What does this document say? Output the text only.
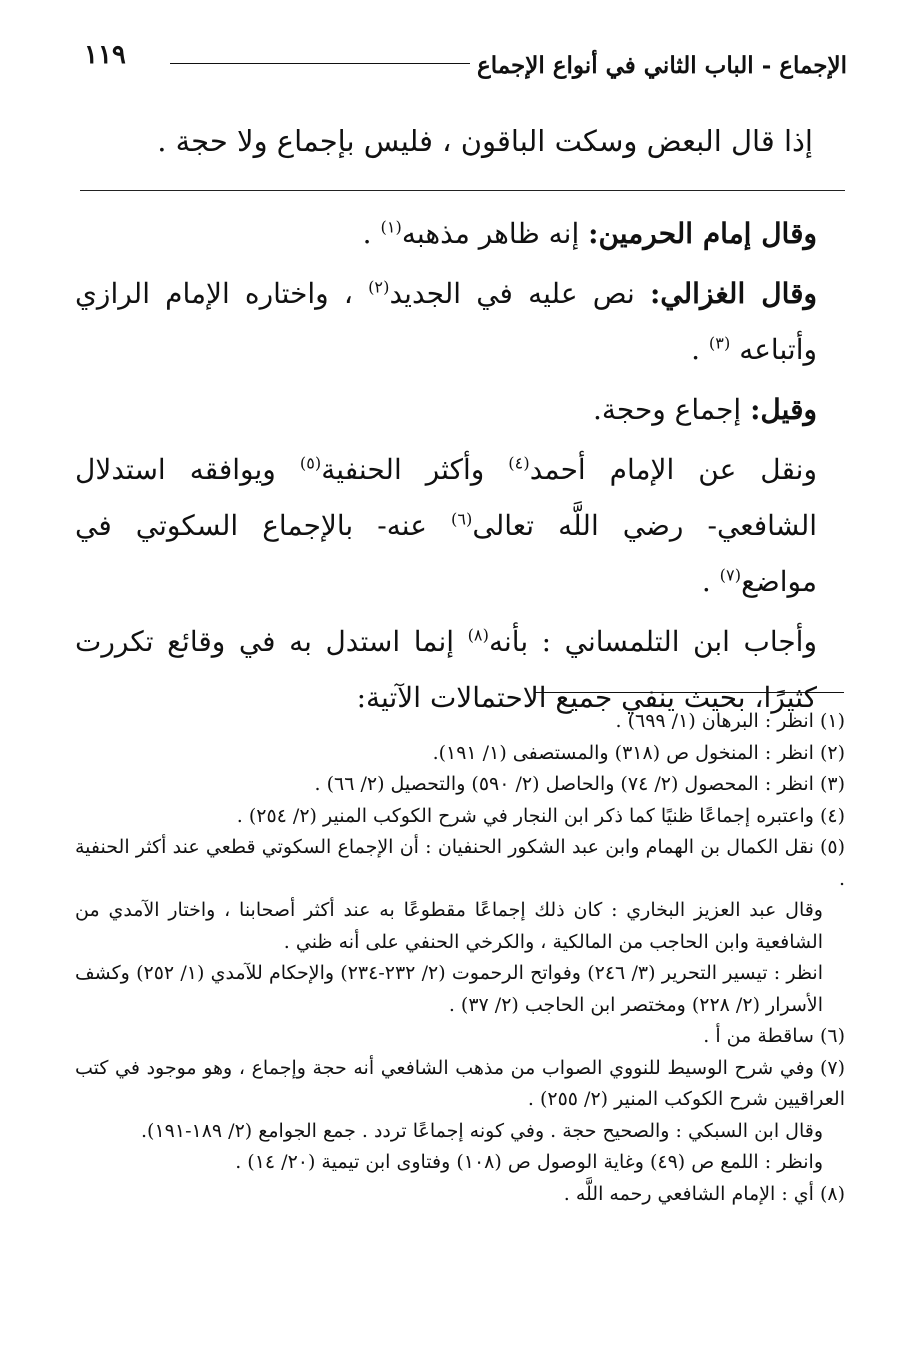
١١٩	الإجماع - الباب الثاني في أنواع الإجماع
إذا قال البعض وسكت الباقون ، فليس بإجماع ولا حجة .

وقال إمام الحرمين: إنه ظاهر مذهبه$^{(١)}$ .

وقال الغزالي: نص عليه في الجديد$^{(٢)}$ ، واختاره الإمام الرازي وأتباعه $^{(٣)}$ .

وقيل: إجماع وحجة.

ونقل عن الإمام أحمد$^{(٤)}$ وأكثر الحنفية$^{(٥)}$ ويوافقه استدلال الشافعي- رضي اللَّه تعالى$^{(٦)}$ عنه- بالإجماع السكوتي في مواضع$^{(٧)}$ .

وأجاب ابن التلمساني : بأنه$^{(٨)}$ إنما استدل به في وقائع تكررت كثيرًا، بحيث ينفي جميع الاحتمالات الآتية:

(١)انظر : البرهان (١/ ٦٩٩) .

(٢)انظر : المنخول ص (٣١٨) والمستصفى (١/ ١٩١).

(٣)انظر : المحصول (٢/ ٧٤) والحاصل (٢/ ٥٩٠) والتحصيل (٢/ ٦٦) .

(٤)واعتبره إجماعًا ظنيًا كما ذكر ابن النجار في شرح الكوكب المنير (٢/ ٢٥٤) .

(٥)نقل الكمال بن الهمام وابن عبد الشكور الحنفيان : أن الإجماع السكوتي قطعي عند أكثر الحنفية .

وقال عبد العزيز البخاري : كان ذلك إجماعًا مقطوعًا به عند أكثر أصحابنا ، واختار الآمدي من الشافعية وابن الحاجب من المالكية ، والكرخي الحنفي على أنه ظني .

انظر : تيسير التحرير (٣/ ٢٤٦) وفواتح الرحموت (٢/ ٢٣٢-٢٣٤) والإحكام للآمدي (١/ ٢٥٢) وكشف الأسرار (٢/ ٢٢٨) ومختصر ابن الحاجب (٢/ ٣٧) .

(٦)ساقطة من أ .

(٧)وفي شرح الوسيط للنووي الصواب من مذهب الشافعي أنه حجة وإجماع ، وهو موجود في كتب العراقيين شرح الكوكب المنير (٢/ ٢٥٥) .

وقال ابن السبكي : والصحيح حجة . وفي كونه إجماعًا تردد . جمع الجوامع (٢/ ١٨٩-١٩١).

وانظر : اللمع ص (٤٩) وغاية الوصول ص (١٠٨) وفتاوى ابن تيمية (٢٠/ ١٤) .

(٨)أي : الإمام الشافعي رحمه اللَّه .
